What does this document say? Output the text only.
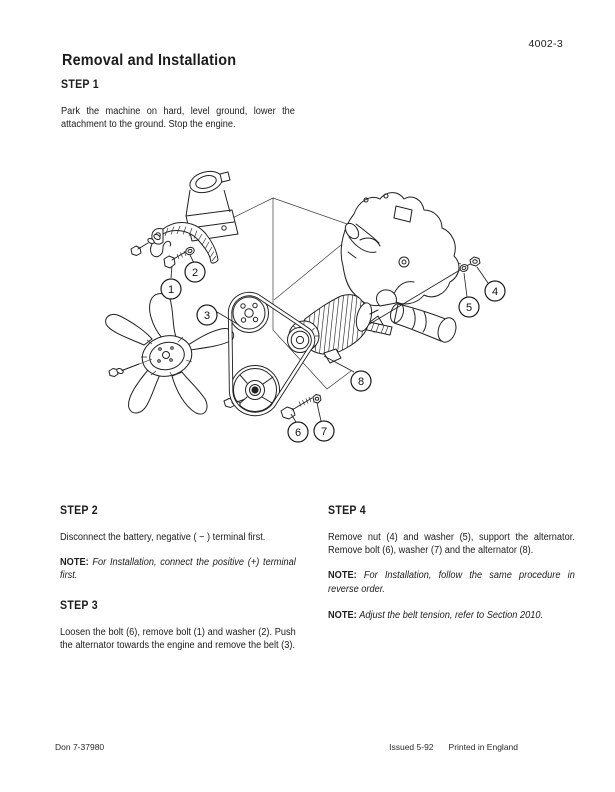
4002-3
Removal and Installation
STEP 1

Park the machine on hard, level ground, lower the attachment to the ground. Stop the engine.

1
2
3
4
5
6 7
8
STEP 2

Disconnect the battery, negative ( − ) terminal first.

NOTE: For Installation, connect the positive (+) terminal first.

STEP 3

Loosen the bolt (6), remove bolt (1) and washer (2). Push the alternator towards the engine and remove the belt (3).

STEP 4

Remove nut (4) and washer (5), support the alternator. Remove bolt (6), washer (7) and the alternator (8).

NOTE: For Installation, follow the same procedure in reverse order.

NOTE: Adjust the belt tension, refer to Section 2010.

Don 7-37980	Issued 5-92 Printed in England
